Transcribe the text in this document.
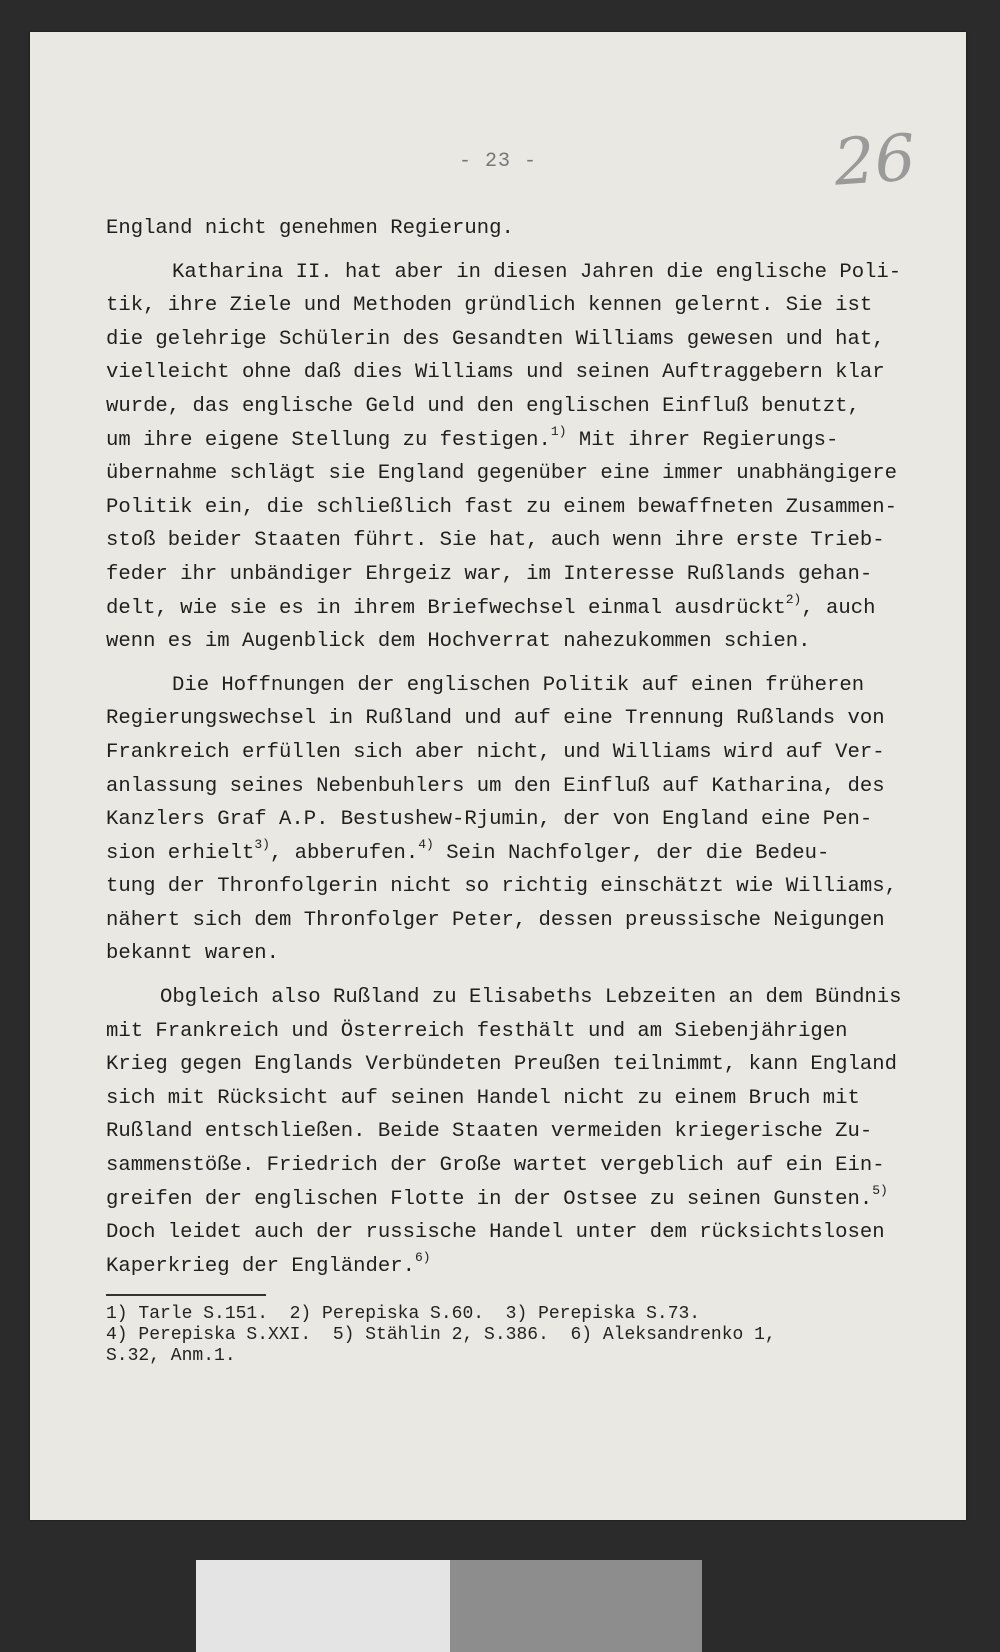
- 23 -	26
England nicht genehmen Regierung.
Katharina II. hat aber in diesen Jahren die englische Poli-
tik, ihre Ziele und Methoden gründlich kennen gelernt. Sie ist
die gelehrige Schülerin des Gesandten Williams gewesen und hat,
vielleicht ohne daß dies Williams und seinen Auftraggebern klar
wurde, das englische Geld und den englischen Einfluß benutzt,
um ihre eigene Stellung zu festigen.$^{1)}$ Mit ihrer Regierungs-
übernahme schlägt sie England gegenüber eine immer unabhängigere
Politik ein, die schließlich fast zu einem bewaffneten Zusammen-
stoß beider Staaten führt. Sie hat, auch wenn ihre erste Trieb-
feder ihr unbändiger Ehrgeiz war, im Interesse Rußlands gehan-
delt, wie sie es in ihrem Briefwechsel einmal ausdrückt$^{2)}$, auch
wenn es im Augenblick dem Hochverrat nahezukommen schien.
Die Hoffnungen der englischen Politik auf einen früheren
Regierungswechsel in Rußland und auf eine Trennung Rußlands von
Frankreich erfüllen sich aber nicht, und Williams wird auf Ver-
anlassung seines Nebenbuhlers um den Einfluß auf Katharina, des
Kanzlers Graf A.P. Bestushew-Rjumin, der von England eine Pen-
sion erhielt$^{3)}$, abberufen.$^{4)}$ Sein Nachfolger, der die Bedeu-
tung der Thronfolgerin nicht so richtig einschätzt wie Williams,
nähert sich dem Thronfolger Peter, dessen preussische Neigungen
bekannt waren.
Obgleich also Rußland zu Elisabeths Lebzeiten an dem Bündnis
mit Frankreich und Österreich festhält und am Siebenjährigen
Krieg gegen Englands Verbündeten Preußen teilnimmt, kann England
sich mit Rücksicht auf seinen Handel nicht zu einem Bruch mit
Rußland entschließen. Beide Staaten vermeiden kriegerische Zu-
sammenstöße. Friedrich der Große wartet vergeblich auf ein Ein-
greifen der englischen Flotte in der Ostsee zu seinen Gunsten.$^{5)}$
Doch leidet auch der russische Handel unter dem rücksichtslosen
Kaperkrieg der Engländer.$^{6)}$
1) Tarle S.151.  2) Perepiska S.60.  3) Perepiska S.73.
4) Perepiska S.XXI.  5) Stählin 2, S.386.  6) Aleksandrenko 1,
S.32, Anm.1.
